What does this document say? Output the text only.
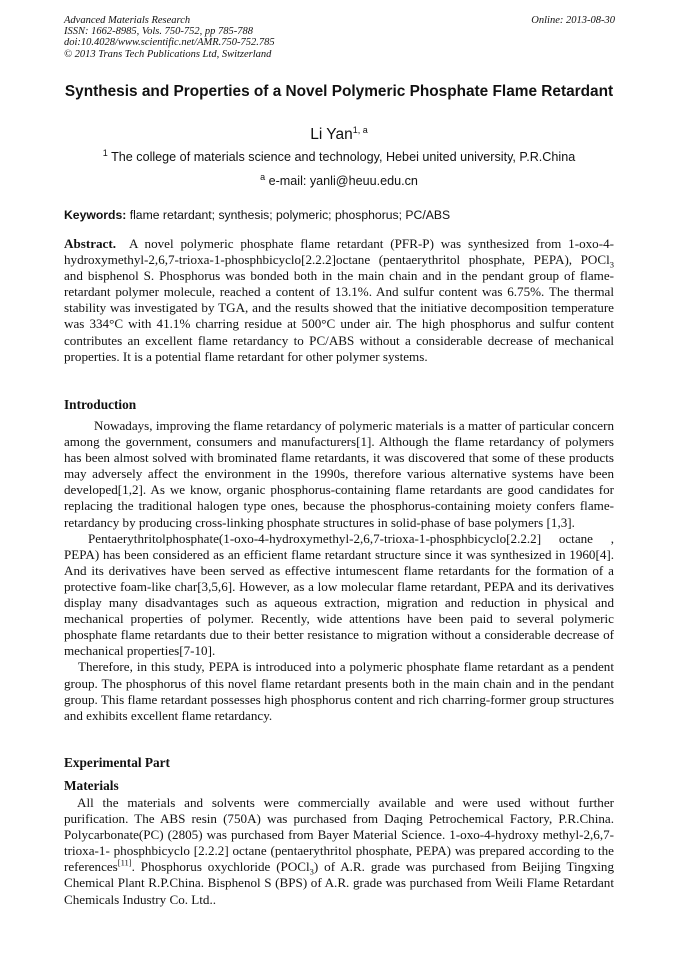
Advanced Materials Research
ISSN: 1662-8985, Vols. 750-752, pp 785-788
doi:10.4028/www.scientific.net/AMR.750-752.785
© 2013 Trans Tech Publications Ltd, Switzerland
Online: 2013-08-30
Synthesis and Properties of a Novel Polymeric Phosphate Flame Retardant
Li Yan$^{1, a}$
$^1$ The college of materials science and technology, Hebei united university, P.R.China
$^a$ e-mail: yanli@heuu.edu.cn
Keywords: flame retardant; synthesis; polymeric; phosphorus; PC/ABS

Abstract. A novel polymeric phosphate flame retardant (PFR-P) was synthesized from 1-oxo-4-hydroxymethyl-2,6,7-trioxa-1-phosphbicyclo[2.2.2]octane (pentaerythritol phosphate, PEPA), POCl$_3$ and bisphenol S. Phosphorus was bonded both in the main chain and in the pendant group of flame-retardant polymer molecule, reached a content of 13.1%. And sulfur content was 6.75%. The thermal stability was investigated by TGA, and the results showed that the initiative decomposition temperature was 334°C with 41.1% charring residue at 500°C under air. The high phosphorus and sulfur content contributes an excellent flame retardancy to PC/ABS without a considerable decrease of mechanical properties. It is a potential flame retardant for other polymer systems.

Introduction

Nowadays, improving the flame retardancy of polymeric materials is a matter of particular concern among the government, consumers and manufacturers[1]. Although the flame retardancy of polymers has been almost solved with brominated flame retardants, it was discovered that some of these products may adversely affect the environment in the 1990s, therefore various alternative systems have been developed[1,2]. As we know, organic phosphorus-containing flame retardants are good candidates for replacing the traditional halogen type ones, because the phosphorus-containing moiety confers flame-retardancy by producing cross-linking phosphate structures in solid-phase of base polymers [1,3].

Pentaerythritolphosphate(1-oxo-4-hydroxymethyl-2,6,7-trioxa-1-phosphbicyclo[2.2.2] octane , PEPA) has been considered as an efficient flame retardant structure since it was synthesized in 1960[4]. And its derivatives have been served as effective intumescent flame retardants for the formation of a protective foam-like char[3,5,6]. However, as a low molecular flame retardant, PEPA and its derivatives display many disadvantages such as aqueous extraction, migration and reduction in physical and mechanical properties of polymer. Recently, wide attentions have been paid to several polymeric phosphate flame retardants due to their better resistance to migration without a considerable decrease of mechanical properties[7-10].

Therefore, in this study, PEPA is introduced into a polymeric phosphate flame retardant as a pendent group. The phosphorus of this novel flame retardant presents both in the main chain and in the pendant group. This flame retardant possesses high phosphorus content and rich charring-former group structures and exhibits excellent flame retardancy.

Experimental Part
Materials

All the materials and solvents were commercially available and were used without further purification. The ABS resin (750A) was purchased from Daqing Petrochemical Factory, P.R.China. Polycarbonate(PC) (2805) was purchased from Bayer Material Science. 1-oxo-4-hydroxy methyl-2,6,7-trioxa-1- phosphbicyclo [2.2.2] octane (pentaerythritol phosphate, PEPA) was prepared according to the references[11]. Phosphorus oxychloride (POCl$_3$) of A.R. grade was purchased from Beijing Tingxing Chemical Plant R.P.China. Bisphenol S (BPS) of A.R. grade was purchased from Weili Flame Retardant Chemicals Industry Co. Ltd..
